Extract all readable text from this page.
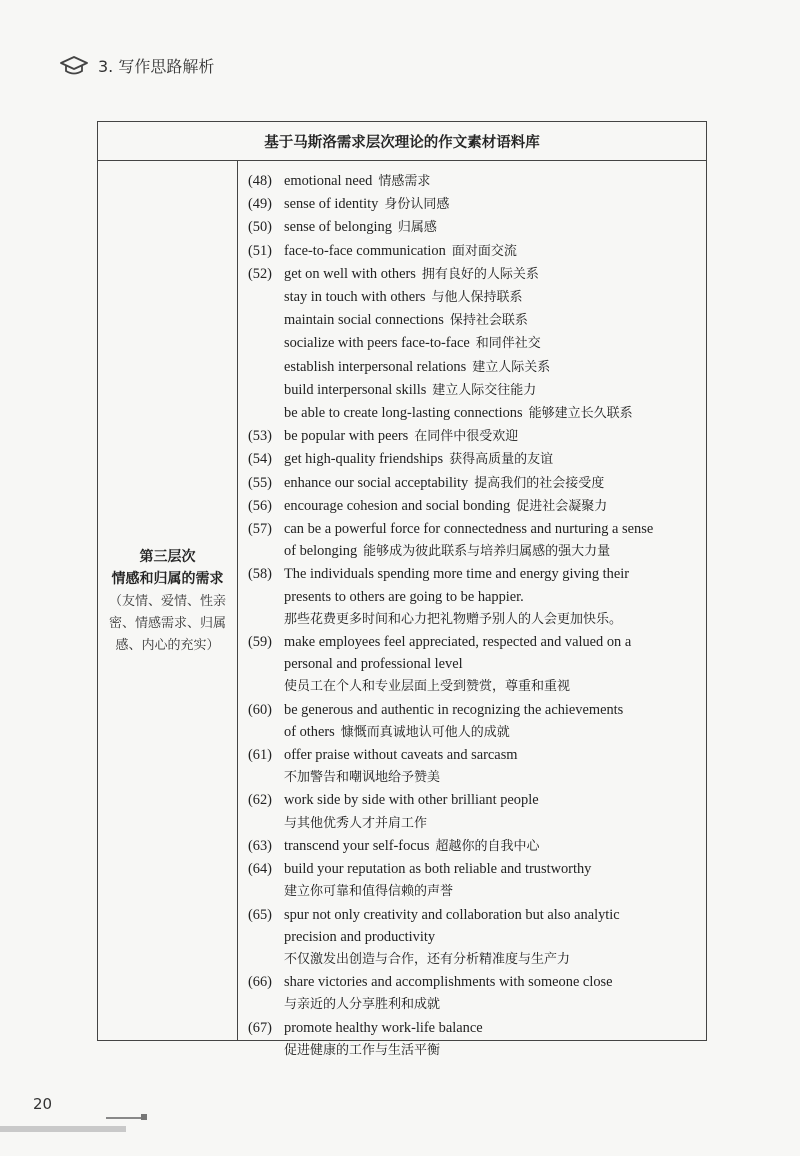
3. 写作思路解析
基于马斯洛需求层次理论的作文素材语料库
第三层次
情感和归属的需求
（友情、爱情、性亲密、情感需求、归属感、内心的充实）
(48) emotional need 情感需求
(49) sense of identity 身份认同感
(50) sense of belonging 归属感
(51) face-to-face communication 面对面交流
(52) get on well with others 拥有良好的人际关系
stay in touch with others 与他人保持联系
maintain social connections 保持社会联系
socialize with peers face-to-face 和同伴社交
establish interpersonal relations 建立人际关系
build interpersonal skills 建立人际交往能力
be able to create long-lasting connections 能够建立长久联系
(53) be popular with peers 在同伴中很受欢迎
(54) get high-quality friendships 获得高质量的友谊
(55) enhance our social acceptability 提高我们的社会接受度
(56) encourage cohesion and social bonding 促进社会凝聚力
(57) can be a powerful force for connectedness and nurturing a sense
of belonging 能够成为彼此联系与培养归属感的强大力量
(58) The individuals spending more time and energy giving their
presents to others are going to be happier.
那些花费更多时间和心力把礼物赠予别人的人会更加快乐。
(59) make employees feel appreciated, respected and valued on a
personal and professional level
使员工在个人和专业层面上受到赞赏，尊重和重视
(60) be generous and authentic in recognizing the achievements
of others 慷慨而真诚地认可他人的成就
(61) offer praise without caveats and sarcasm
不加警告和嘲讽地给予赞美
(62) work side by side with other brilliant people
与其他优秀人才并肩工作
(63) transcend your self-focus 超越你的自我中心
(64) build your reputation as both reliable and trustworthy
建立你可靠和值得信赖的声誉
(65) spur not only creativity and collaboration but also analytic
precision and productivity
不仅激发出创造与合作，还有分析精准度与生产力
(66) share victories and accomplishments with someone close
与亲近的人分享胜利和成就
(67) promote healthy work-life balance
促进健康的工作与生活平衡
20
